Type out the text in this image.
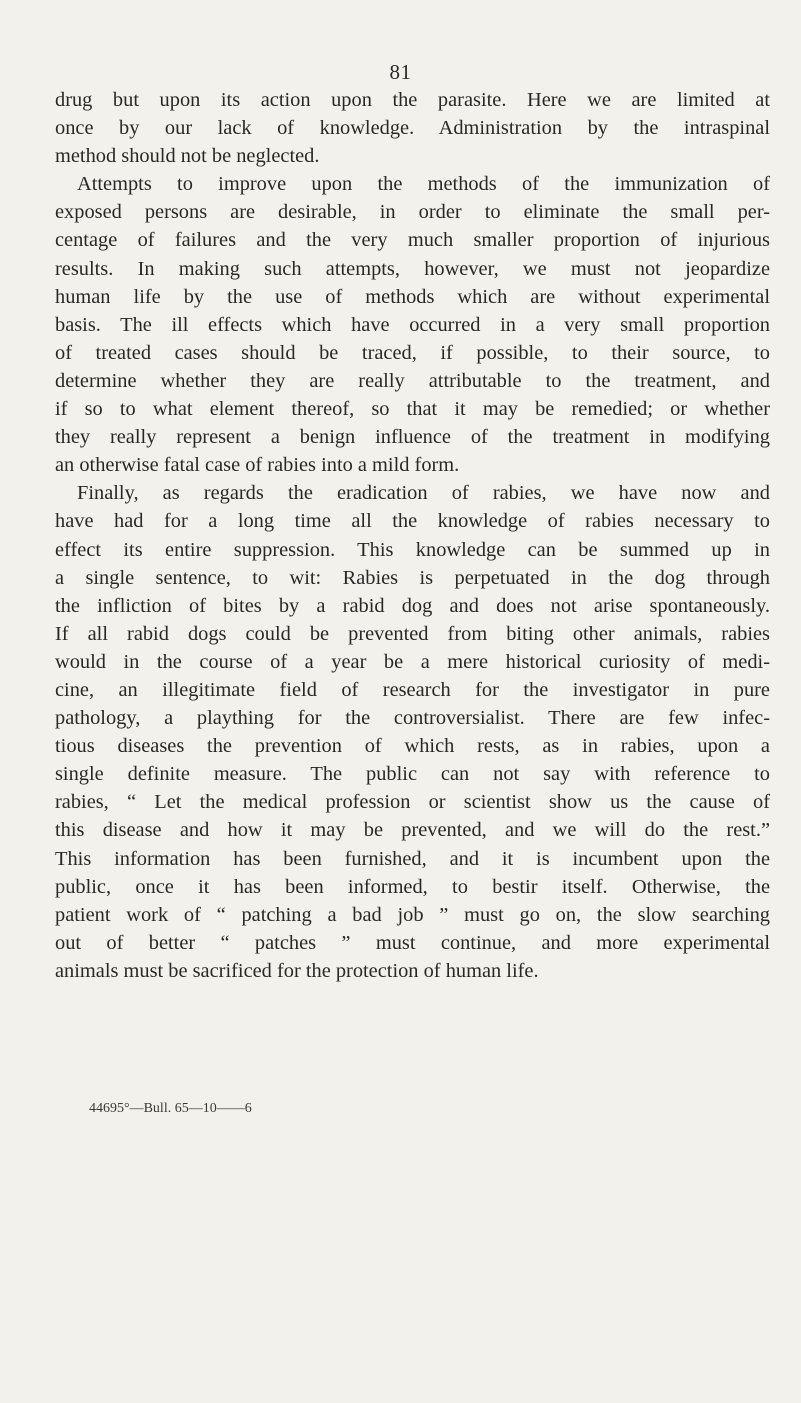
81
drug but upon its action upon the parasite. Here we are limited at
once by our lack of knowledge. Administration by the intraspinal
method should not be neglected.
Attempts to improve upon the methods of the immunization of
exposed persons are desirable, in order to eliminate the small per-
centage of failures and the very much smaller proportion of injurious
results. In making such attempts, however, we must not jeopardize
human life by the use of methods which are without experimental
basis. The ill effects which have occurred in a very small proportion
of treated cases should be traced, if possible, to their source, to
determine whether they are really attributable to the treatment, and
if so to what element thereof, so that it may be remedied; or whether
they really represent a benign influence of the treatment in modifying
an otherwise fatal case of rabies into a mild form.
Finally, as regards the eradication of rabies, we have now and
have had for a long time all the knowledge of rabies necessary to
effect its entire suppression. This knowledge can be summed up in
a single sentence, to wit: Rabies is perpetuated in the dog through
the infliction of bites by a rabid dog and does not arise spontaneously.
If all rabid dogs could be prevented from biting other animals, rabies
would in the course of a year be a mere historical curiosity of medi-
cine, an illegitimate field of research for the investigator in pure
pathology, a plaything for the controversialist. There are few infec-
tious diseases the prevention of which rests, as in rabies, upon a
single definite measure. The public can not say with reference to
rabies, “ Let the medical profession or scientist show us the cause of
this disease and how it may be prevented, and we will do the rest.”
This information has been furnished, and it is incumbent upon the
public, once it has been informed, to bestir itself. Otherwise, the
patient work of “ patching a bad job ” must go on, the slow searching
out of better “ patches ” must continue, and more experimental
animals must be sacrificed for the protection of human life.
44695°—Bull. 65—10——6
